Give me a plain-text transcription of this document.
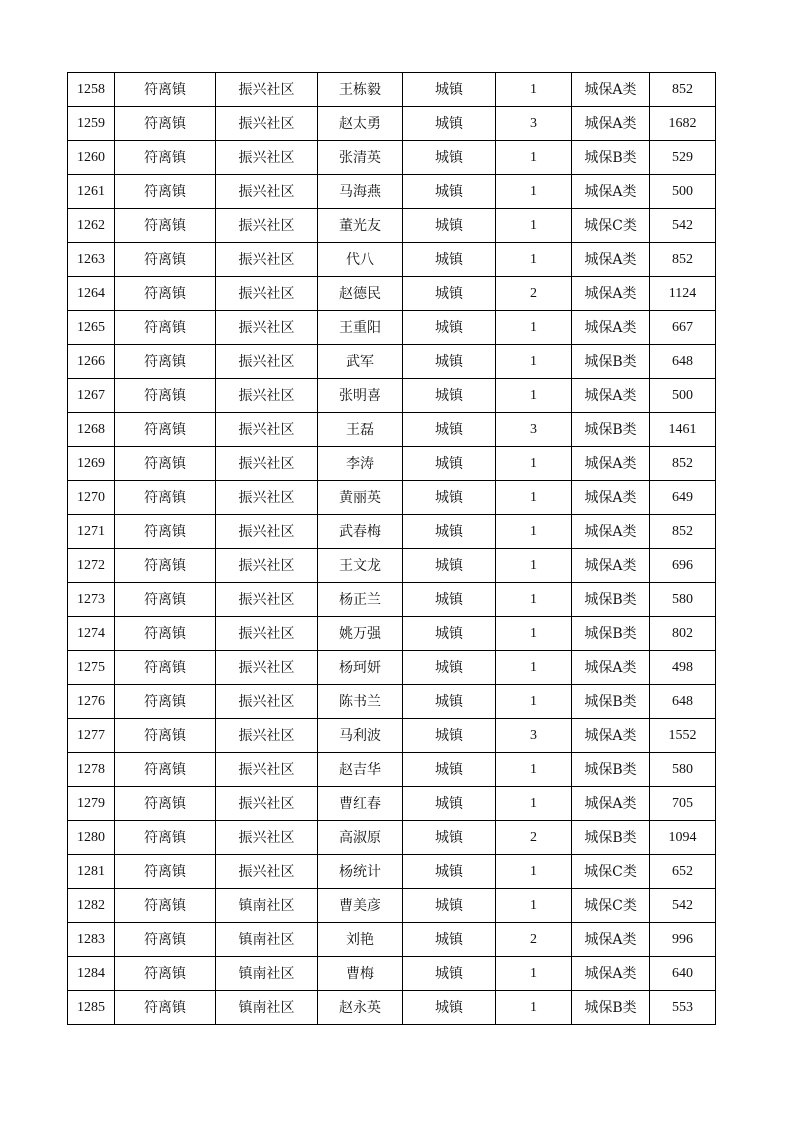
1258	符离镇	振兴社区	王栋毅	城镇	1	城保A类	852
1259	符离镇	振兴社区	赵太勇	城镇	3	城保A类	1682
1260	符离镇	振兴社区	张清英	城镇	1	城保B类	529
1261	符离镇	振兴社区	马海燕	城镇	1	城保A类	500
1262	符离镇	振兴社区	董光友	城镇	1	城保C类	542
1263	符离镇	振兴社区	代八	城镇	1	城保A类	852
1264	符离镇	振兴社区	赵德民	城镇	2	城保A类	1124
1265	符离镇	振兴社区	王重阳	城镇	1	城保A类	667
1266	符离镇	振兴社区	武军	城镇	1	城保B类	648
1267	符离镇	振兴社区	张明喜	城镇	1	城保A类	500
1268	符离镇	振兴社区	王磊	城镇	3	城保B类	1461
1269	符离镇	振兴社区	李涛	城镇	1	城保A类	852
1270	符离镇	振兴社区	黄丽英	城镇	1	城保A类	649
1271	符离镇	振兴社区	武春梅	城镇	1	城保A类	852
1272	符离镇	振兴社区	王文龙	城镇	1	城保A类	696
1273	符离镇	振兴社区	杨正兰	城镇	1	城保B类	580
1274	符离镇	振兴社区	姚万强	城镇	1	城保B类	802
1275	符离镇	振兴社区	杨珂妍	城镇	1	城保A类	498
1276	符离镇	振兴社区	陈书兰	城镇	1	城保B类	648
1277	符离镇	振兴社区	马利波	城镇	3	城保A类	1552
1278	符离镇	振兴社区	赵吉华	城镇	1	城保B类	580
1279	符离镇	振兴社区	曹红春	城镇	1	城保A类	705
1280	符离镇	振兴社区	高淑原	城镇	2	城保B类	1094
1281	符离镇	振兴社区	杨统计	城镇	1	城保C类	652
1282	符离镇	镇南社区	曹美彦	城镇	1	城保C类	542
1283	符离镇	镇南社区	刘艳	城镇	2	城保A类	996
1284	符离镇	镇南社区	曹梅	城镇	1	城保A类	640
1285	符离镇	镇南社区	赵永英	城镇	1	城保B类	553
